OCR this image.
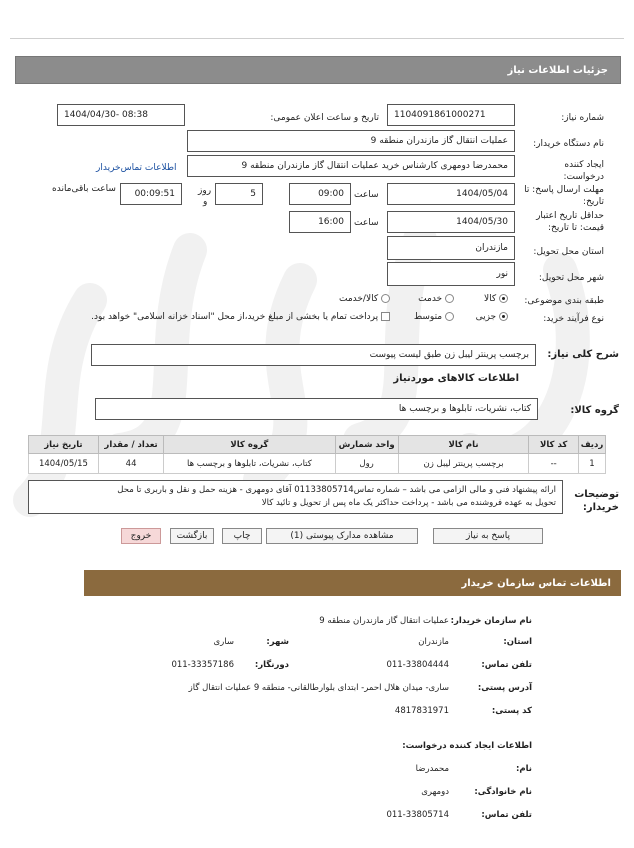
جزئیات اطلاعات نیاز
شماره نیاز:
1104091861000271
تاریخ و ساعت اعلان عمومی:
1404/04/30- 08:38
نام دستگاه خریدار:
عملیات انتقال گاز مازندران منطقه 9
ایجاد کننده درخواست:
محمدرضا دومهری کارشناس خرید عملیات انتقال گاز مازندران منطقه 9
اطلاعات تماس‌خریدار
مهلت ارسال پاسخ: تا تاریخ:
1404/05/04
ساعت
09:00
5
روز
و
00:09:51
ساعت باقی‌مانده
حداقل تاریخ اعتبار قیمت: تا تاریخ:
1404/05/30
ساعت
16:00
استان محل تحویل:
مازندران
شهر محل تحویل:
نور
طبقه بندی موضوعی:
کالا
خدمت
کالا/خدمت
نوع فرآیند خرید:
جزیی
متوسط
پرداخت تمام یا بخشی از مبلغ خرید،از محل "اسناد خزانه اسلامی" خواهد بود.
شرح کلی نیاز:
برچسب پرینتر لیبل زن طبق لیست پیوست
اطلاعات کالاهای موردنیاز
گروه کالا:
کتاب، نشریات، تابلوها و برچسب ها
ردیف	کد کالا	نام کالا	واحد شمارش	گروه کالا	تعداد / مقدار	تاریخ نیاز
1	--	برچسب پرینتر لیبل زن	رول	کتاب، نشریات، تابلوها و برچسب ها	44	1404/05/15
توضیحات خریدار:
ارائه پیشنهاد فنی و مالی الزامی می باشد – شماره تماس01133805714 آقای دومهری - هزینه حمل و نقل و باربری تا محل
تحویل به عهده فروشنده می باشد - پرداخت حداکثر یک ماه پس از تحویل و تائید کالا
پاسخ به نیاز
مشاهده مدارک پیوستی (1)
چاپ
بازگشت
خروج
اطلاعات تماس سازمان خریدار
نام سازمان خریدار:
عملیات انتقال گاز مازندران منطقه 9
استان:
مازندران
شهر:
ساری
تلفن تماس:
011-33804444
دورنگار:
011-33357186
آدرس پستی:
ساری- میدان هلال احمر- ابتدای بلوارطالقانی- منطقه 9 عملیات انتقال گاز
کد پستی:
4817831971
اطلاعات ایجاد کننده درخواست:
نام:
محمدرضا
نام خانوادگی:
دومهری
تلفن تماس:
011-33805714
